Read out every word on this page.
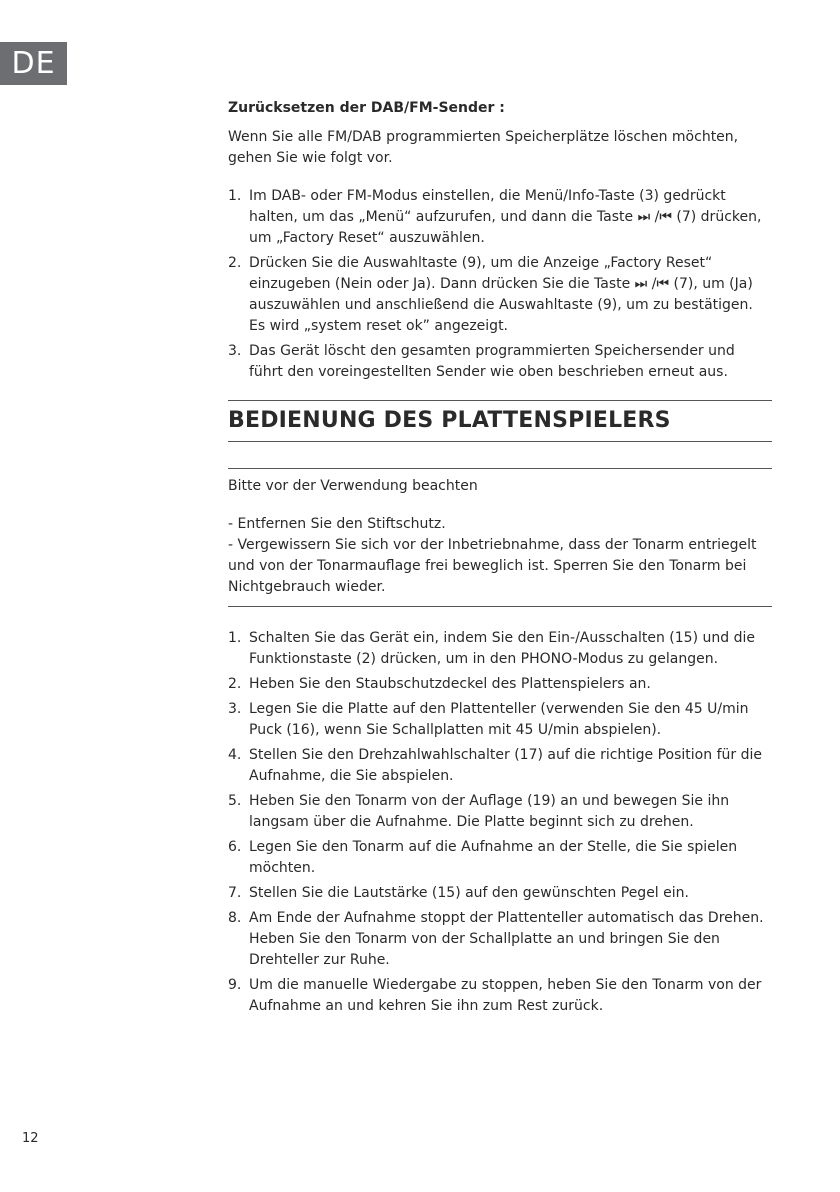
DE
Zurücksetzen der DAB/FM-Sender :

Wenn Sie alle FM/DAB programmierten Speicherplätze löschen möchten, gehen Sie wie folgt vor.

1. Im DAB- oder FM-Modus einstellen, die Menü/Info-Taste (3) gedrückt halten, um das „Menü“ aufzurufen, und dann die Taste ⏭ /⏮ (7) drücken, um „Factory Reset“ auszuwählen.
2. Drücken Sie die Auswahltaste (9), um die Anzeige „Factory Reset“ einzugeben (Nein oder Ja). Dann drücken Sie die Taste ⏭ /⏮ (7), um (Ja) auszuwählen und anschließend die Auswahltaste (9), um zu bestätigen. Es wird „system reset ok” angezeigt.
3. Das Gerät löscht den gesamten programmierten Speichersender und führt den voreingestellten Sender wie oben beschrieben erneut aus.
BEDIENUNG DES PLATTENSPIELERS

Bitte vor der Verwendung beachten

- Entfernen Sie den Stiftschutz.

- Vergewissern Sie sich vor der Inbetriebnahme, dass der Tonarm entriegelt und von der Tonarmauflage frei beweglich ist. Sperren Sie den Tonarm bei Nichtgebrauch wieder.

1. Schalten Sie das Gerät ein, indem Sie den Ein-/Ausschalten (15) und die Funktionstaste (2) drücken, um in den PHONO-Modus zu gelangen.
2. Heben Sie den Staubschutzdeckel des Plattenspielers an.
3. Legen Sie die Platte auf den Plattenteller (verwenden Sie den 45 U/min Puck (16), wenn Sie Schallplatten mit 45 U/min abspielen).
4. Stellen Sie den Drehzahlwahlschalter (17) auf die richtige Position für die Aufnahme, die Sie abspielen.
5. Heben Sie den Tonarm von der Auflage (19) an und bewegen Sie ihn langsam über die Aufnahme. Die Platte beginnt sich zu drehen.
6. Legen Sie den Tonarm auf die Aufnahme an der Stelle, die Sie spielen möchten.
7. Stellen Sie die Lautstärke (15) auf den gewünschten Pegel ein.
8. Am Ende der Aufnahme stoppt der Plattenteller automatisch das Drehen. Heben Sie den Tonarm von der Schallplatte an und bringen Sie den Drehteller zur Ruhe.
9. Um die manuelle Wiedergabe zu stoppen, heben Sie den Tonarm von der Aufnahme an und kehren Sie ihn zum Rest zurück.
12
